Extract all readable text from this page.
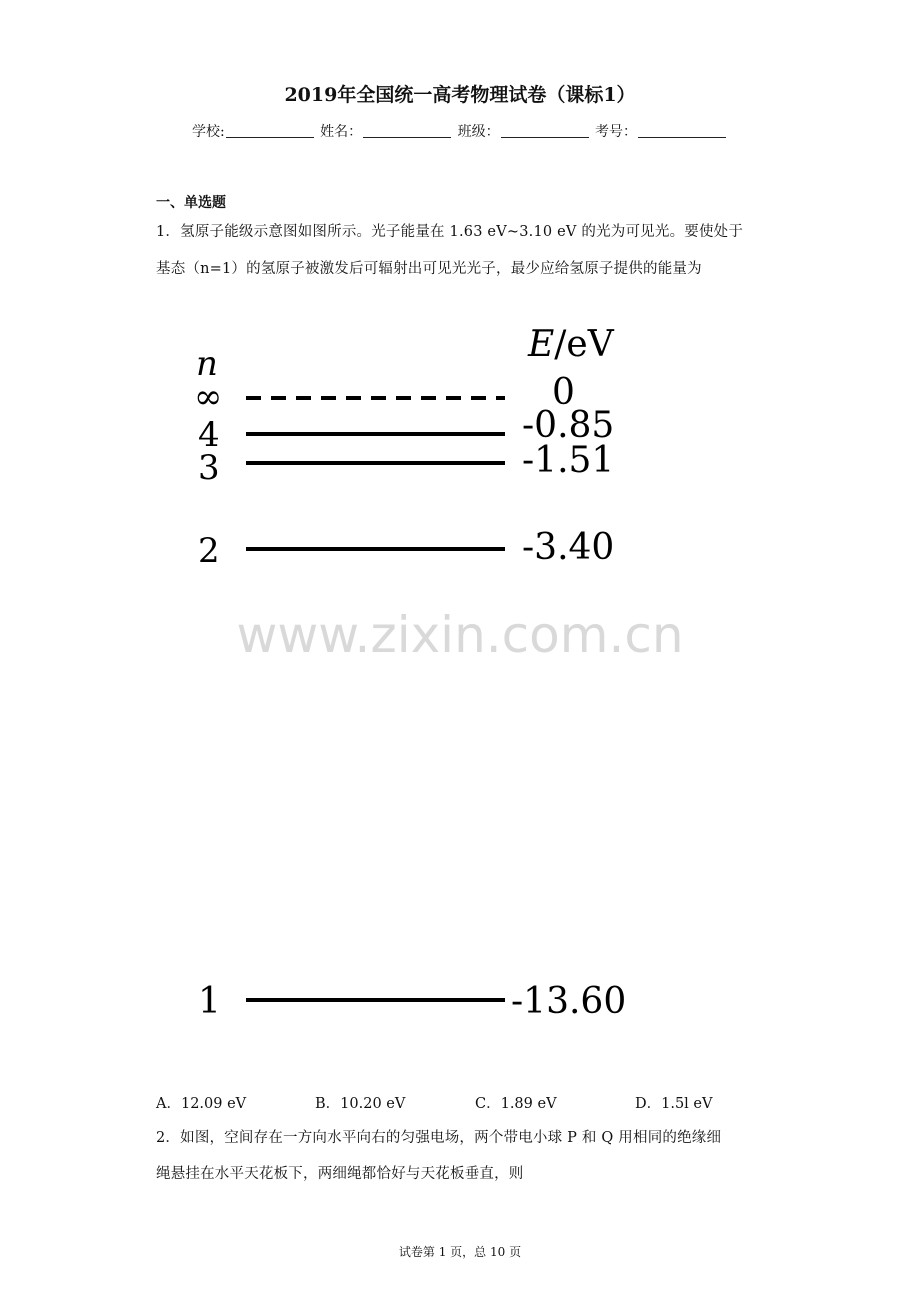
2019年全国统一高考物理试卷（课标1）
学校:	姓名：	班级：	考号：
一、单选题
1．氢原子能级示意图如图所示。光子能量在 1.63 eV~3.10 eV 的光为可见光。要使处于
基态（n=1）的氢原子被激发后可辐射出可见光光子，最少应给氢原子提供的能量为
www.zixin.com.cn
n	E/eV
∞	0
4	-0.85
3	-1.51
2	-3.40
1	-13.60
A．12.09 eV	B．10.20 eV	C．1.89 eV	D．1.5l eV
2．如图，空间存在一方向水平向右的匀强电场，两个带电小球 P 和 Q 用相同的绝缘细
绳悬挂在水平天花板下，两细绳都恰好与天花板垂直，则
试卷第 1 页，总 10 页
